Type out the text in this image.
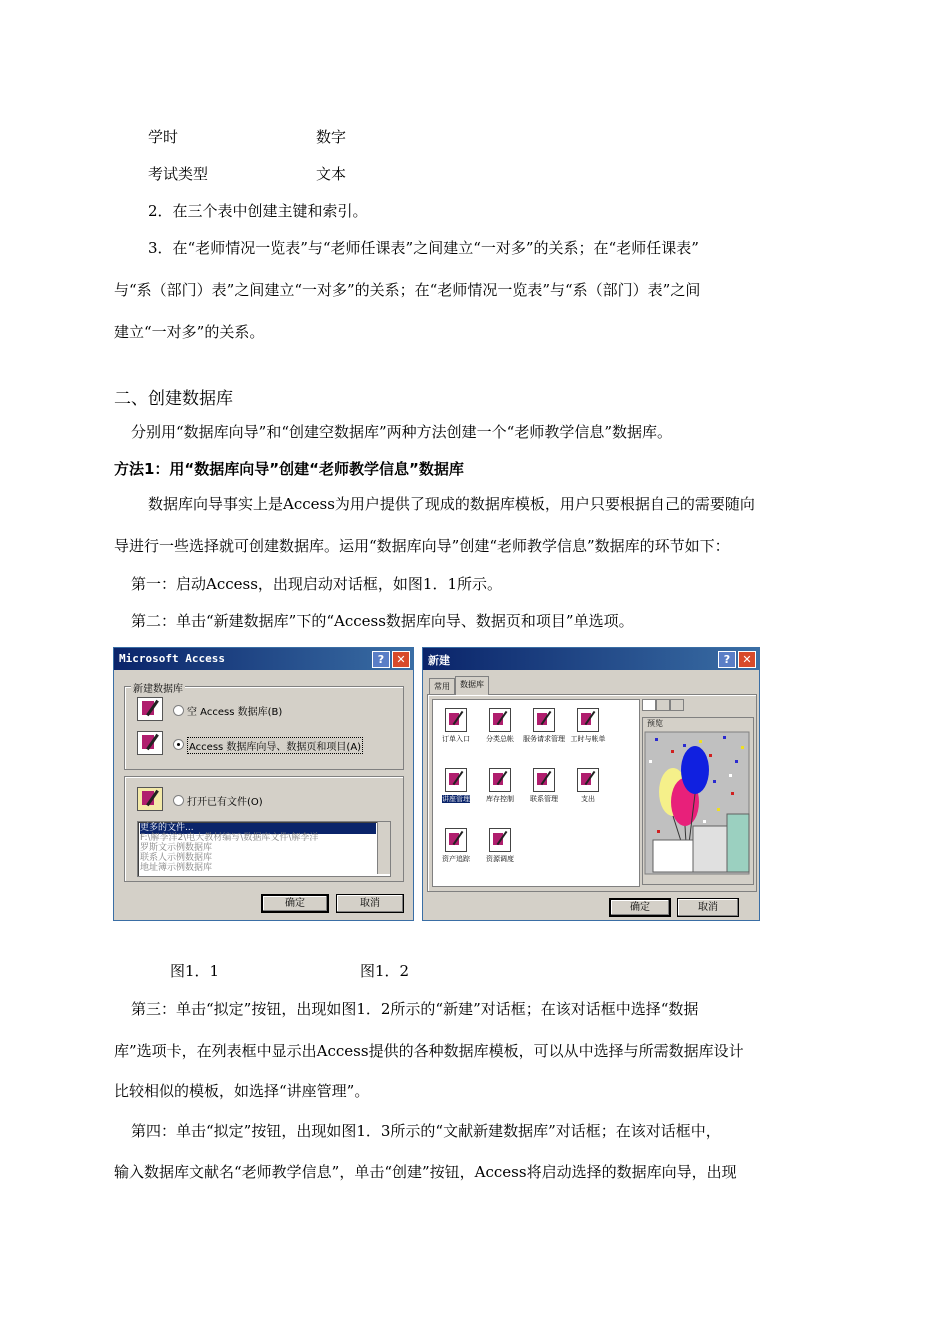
学时	数字
考试类型	文本
2．在三个表中创建主键和索引。
3．在“老师情况一览表”与“老师任课表”之间建立“一对多”的关系；在“老师任课表”
与“系（部门）表”之间建立“一对多”的关系；在“老师情况一览表”与“系（部门）表”之间
建立“一对多”的关系。
二、创建数据库
分别用“数据库向导”和“创建空数据库”两种方法创建一个“老师教学信息”数据库。
方法1：用“数据库向导”创建“老师教学信息”数据库
数据库向导事实上是Access为用户提供了现成的数据库模板，用户只要根据自己的需要随向
导进行一些选择就可创建数据库。运用“数据库向导”创建“老师教学信息”数据库的环节如下：
第一：启动Access，出现启动对话框，如图1．1所示。
第二：单击“新建数据库”下的“Access数据库向导、数据页和项目”单选项。
Microsoft Access	?	✕
新建数据库
空 Access 数据库(B)
Access 数据库向导、数据页和项目(A)
打开已有文件(O)
更多的文件...
F:\解李洋2\电大教材编写\数据库文件\解李洋
罗斯文示例数据库
联系人示例数据库
地址簿示例数据库
确定	取消
新建	?	✕
常用	数据库
订单入口	分类总帐	服务请求管理 工时与帐单
讲座管理	库存控制	联系管理	支出
资产追踪	资源调度
预览
确定	取消
图1．1	图1．2
第三：单击“拟定”按钮，出现如图1．2所示的“新建”对话框；在该对话框中选择“数据
库”选项卡，在列表框中显示出Access提供的各种数据库模板，可以从中选择与所需数据库设计
比较相似的模板，如选择“讲座管理”。
第四：单击“拟定”按钮，出现如图1．3所示的“文献新建数据库”对话框；在该对话框中，
输入数据库文献名“老师教学信息”，单击“创建”按钮，Access将启动选择的数据库向导，出现
